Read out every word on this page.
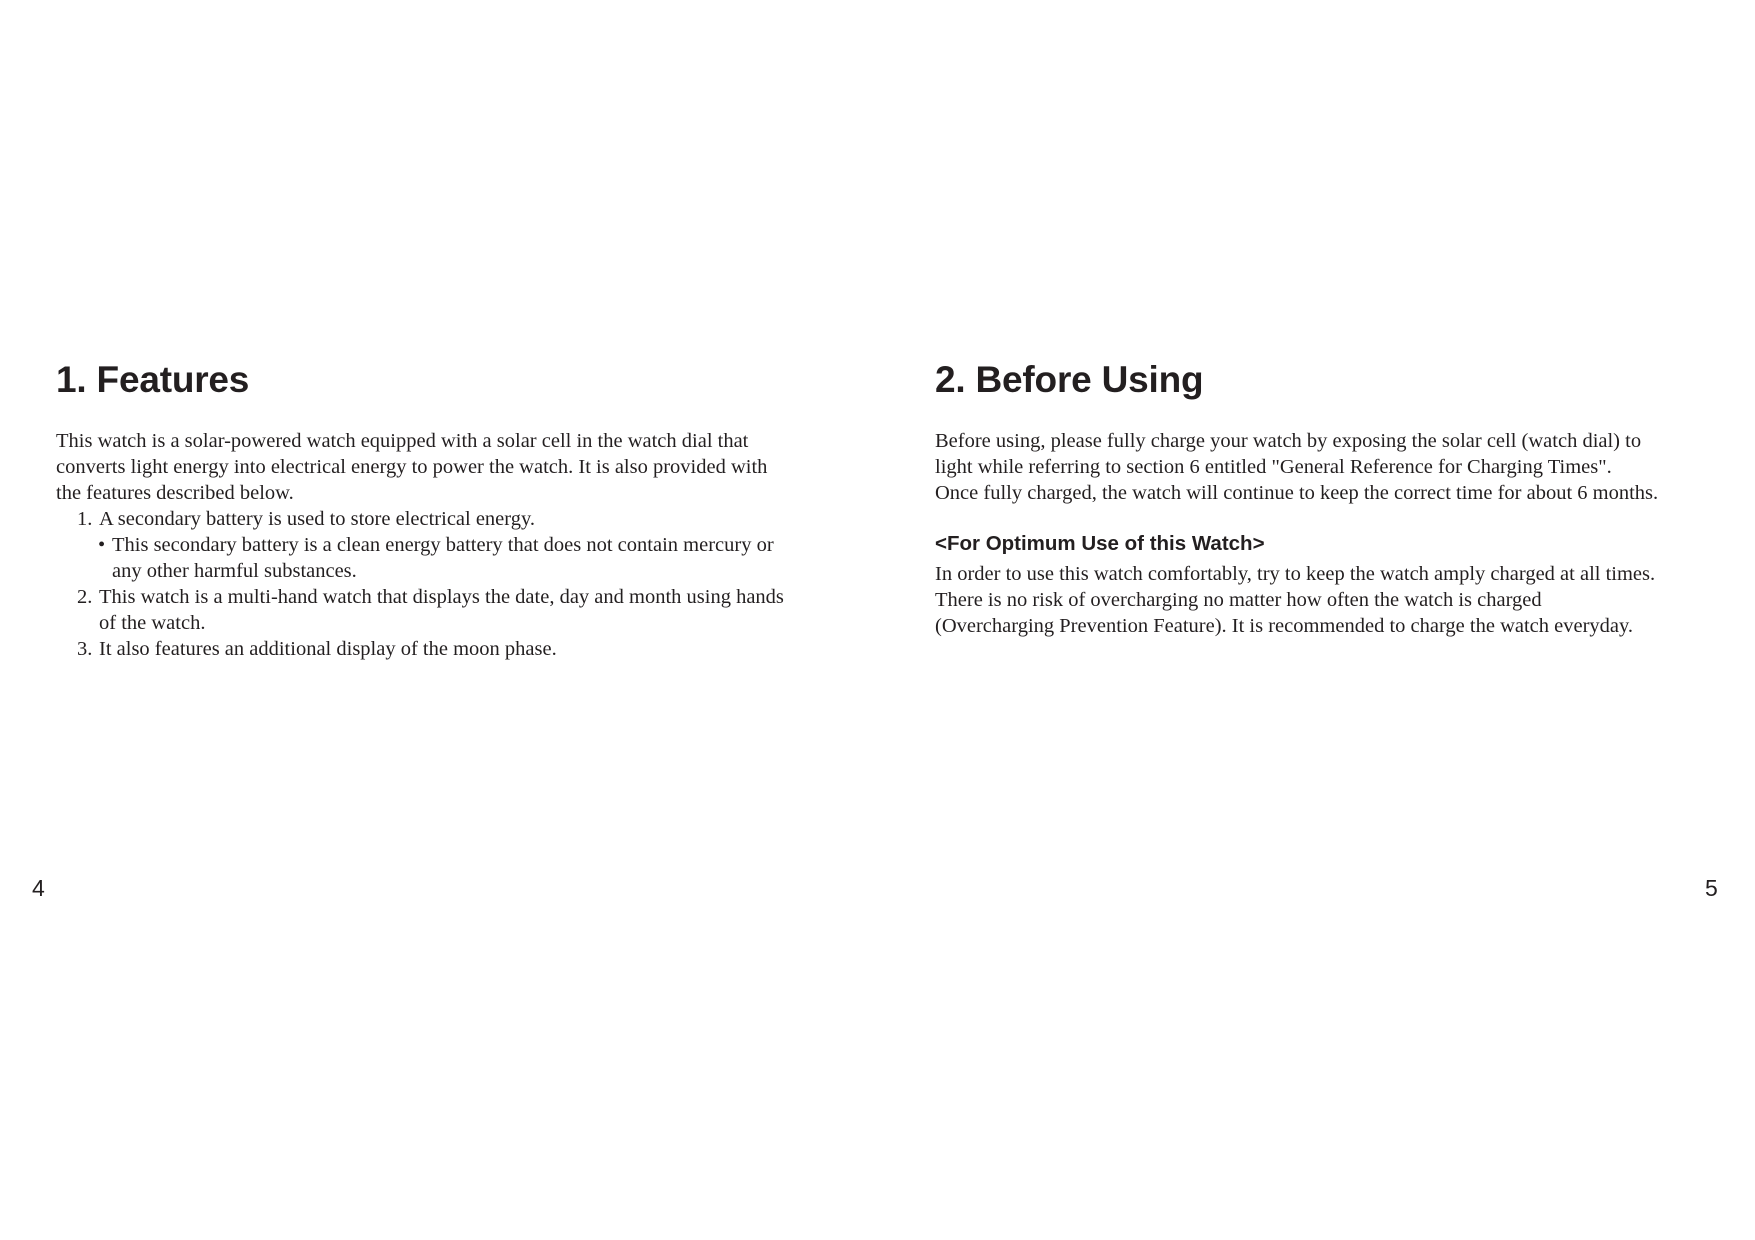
1. Features
This watch is a solar-powered watch equipped with a solar cell in the watch dial that
converts light energy into electrical energy to power the watch. It is also provided with
the features described below.
1. A secondary battery is used to store electrical energy.
• This secondary battery is a clean energy battery that does not contain mercury or
any other harmful substances.
2. This watch is a multi-hand watch that displays the date, day and month using hands
of the watch.
3. It also features an additional display of the moon phase.
4
2. Before Using
Before using, please fully charge your watch by exposing the solar cell (watch dial) to
light while referring to section 6 entitled "General Reference for Charging Times".
Once fully charged, the watch will continue to keep the correct time for about 6 months.
<For Optimum Use of this Watch>
In order to use this watch comfortably, try to keep the watch amply charged at all times.
There is no risk of overcharging no matter how often the watch is charged
(Overcharging Prevention Feature). It is recommended to charge the watch everyday.
5
